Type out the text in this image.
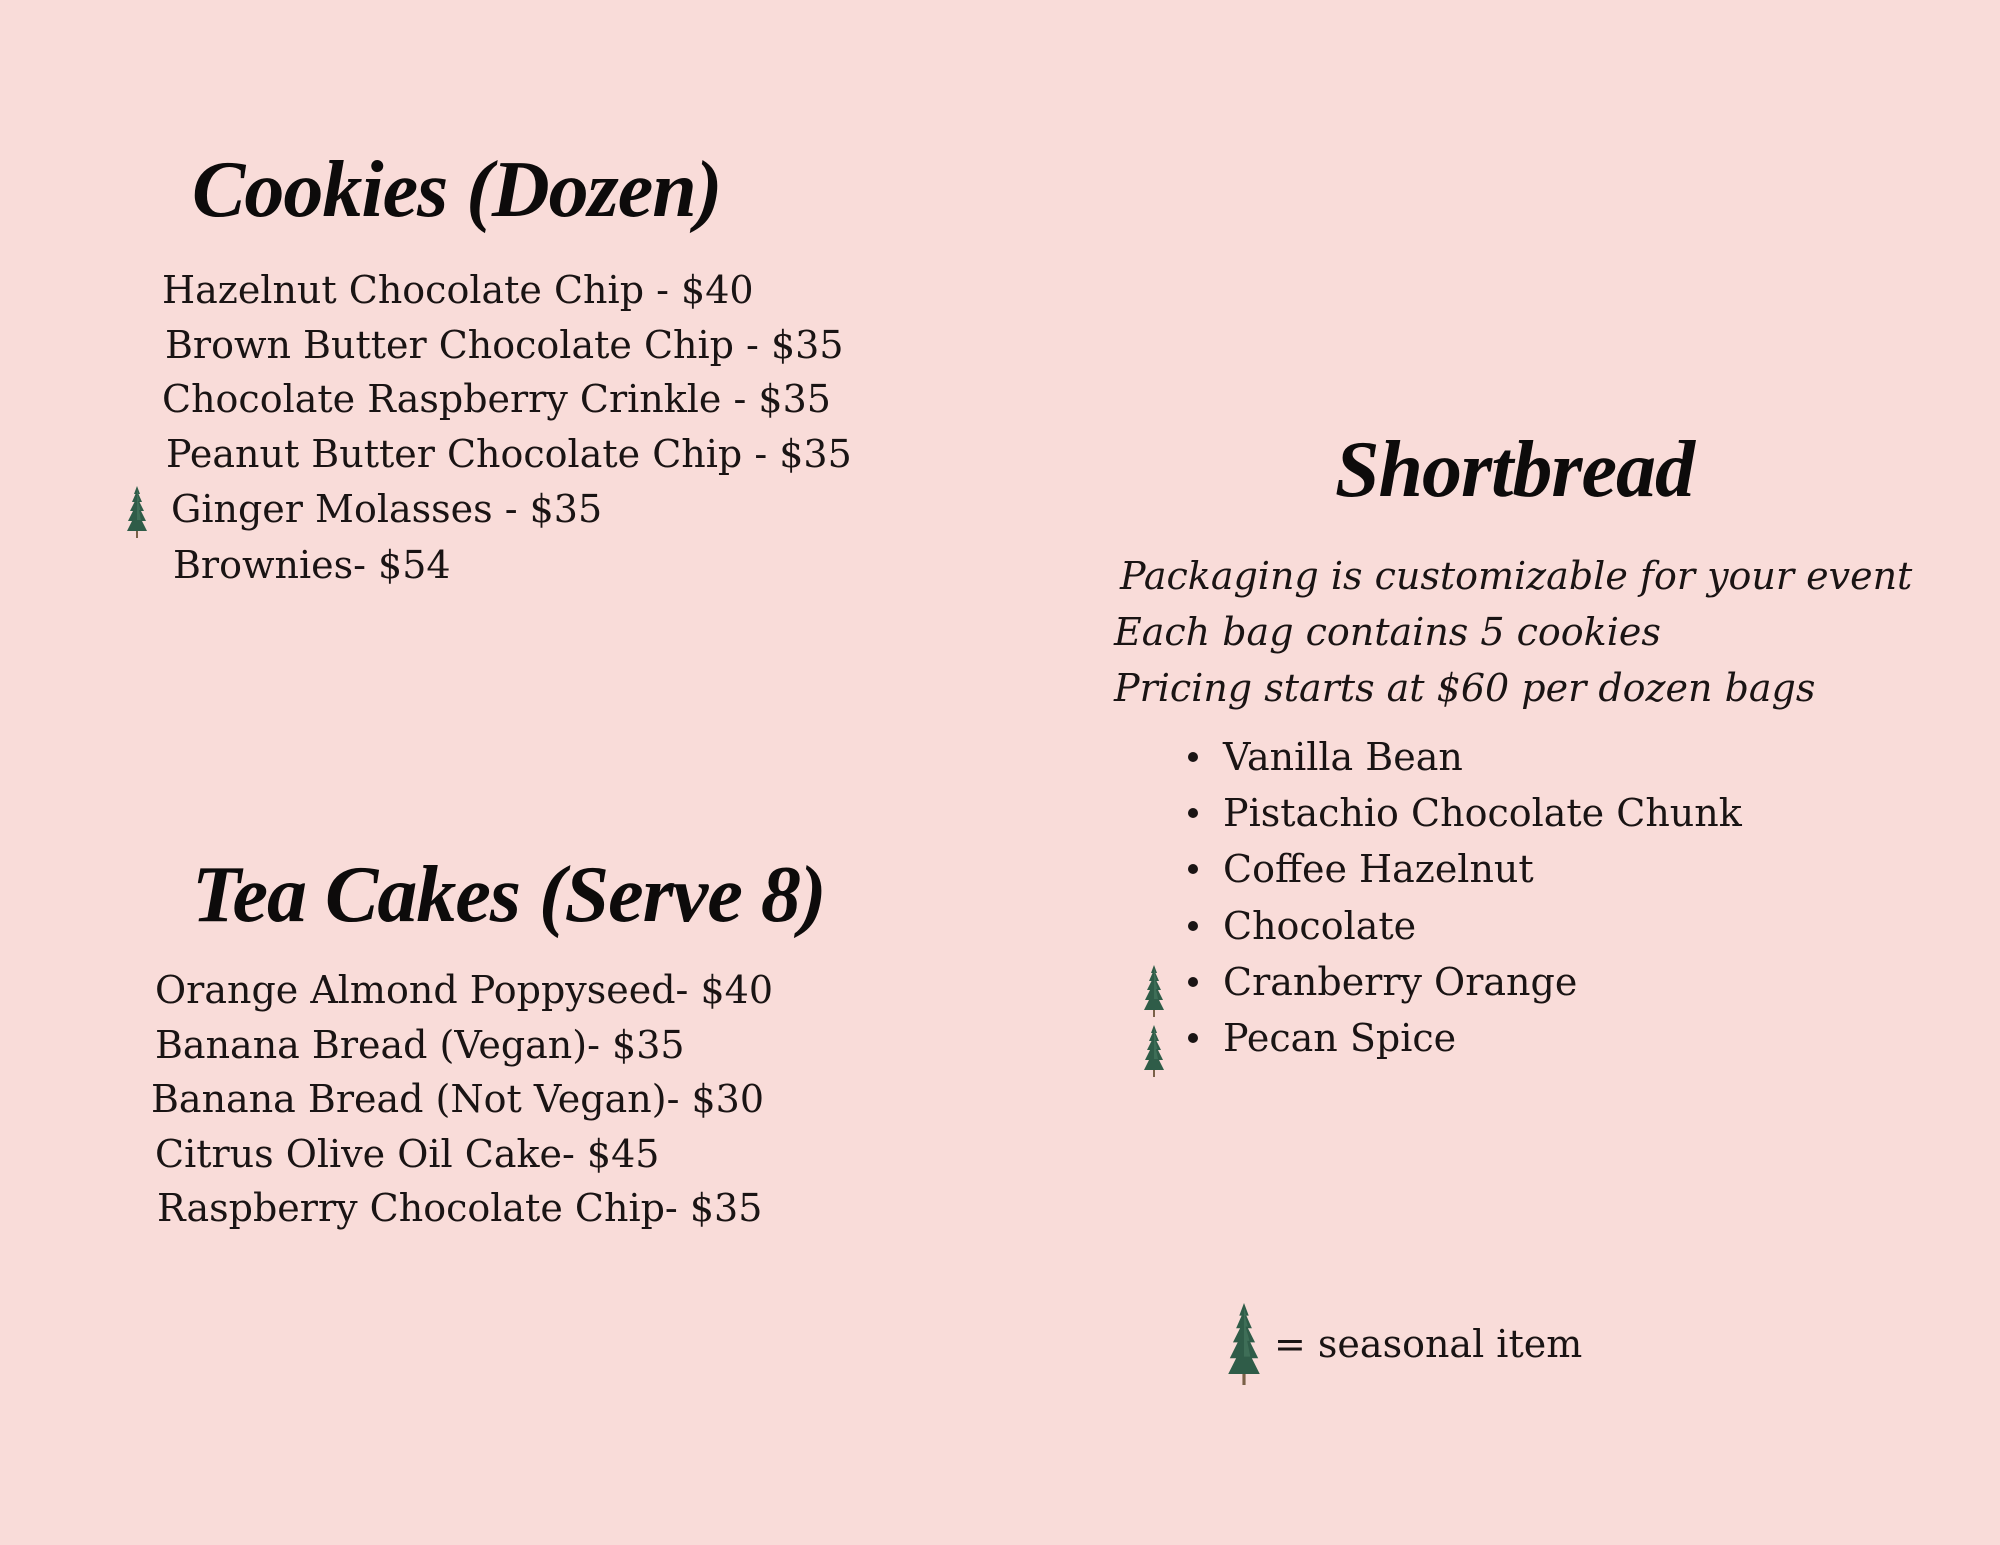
Cookies (Dozen)
Hazelnut Chocolate Chip - $40
Brown Butter Chocolate Chip - $35
Chocolate Raspberry Crinkle - $35
Peanut Butter Chocolate Chip - $35
Ginger Molasses - $35
Brownies- $54
Tea Cakes (Serve 8)
Orange Almond Poppyseed- $40
Banana Bread (Vegan)- $35
Banana Bread (Not Vegan)- $30
Citrus Olive Oil Cake- $45
Raspberry Chocolate Chip- $35
Shortbread
Packaging is customizable for your event
Each bag contains 5 cookies
Pricing starts at $60 per dozen bags
Vanilla Bean
Pistachio Chocolate Chunk
Coffee Hazelnut
Chocolate
Cranberry Orange
Pecan Spice
= seasonal item
